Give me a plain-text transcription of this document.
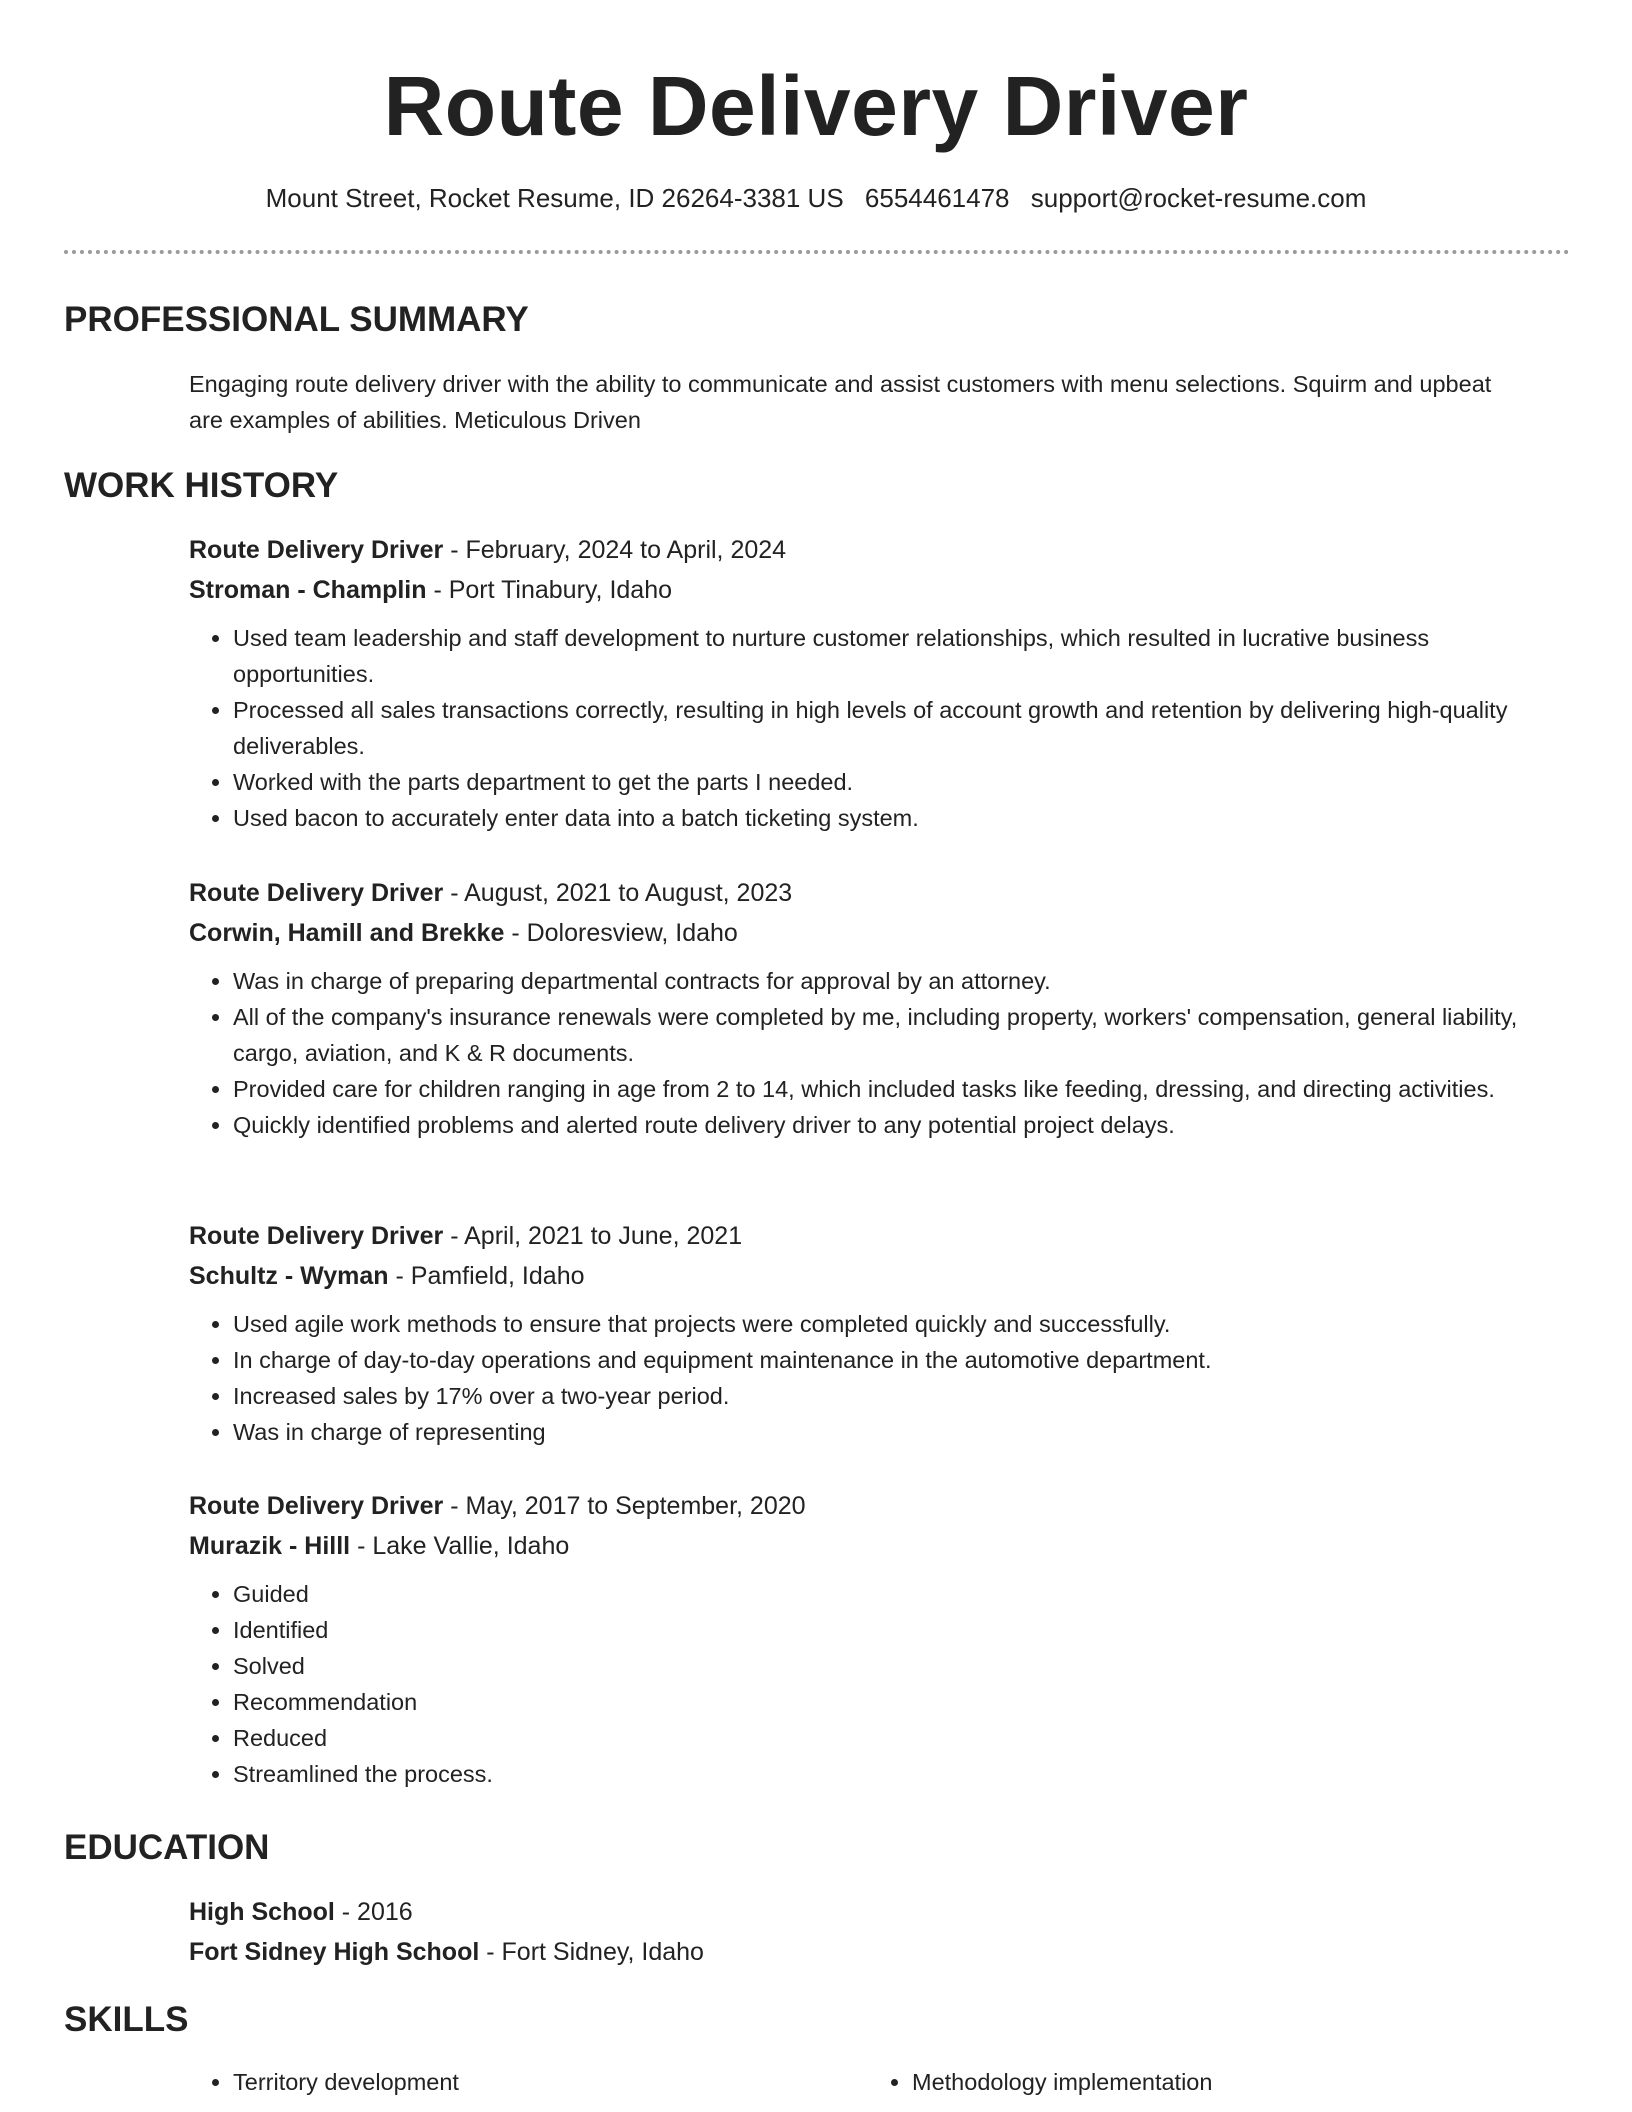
Route Delivery Driver
Mount Street, Rocket Resume, ID 26264-3381 US 6554461478 support@rocket-resume.com
PROFESSIONAL SUMMARY

Engaging route delivery driver with the ability to communicate and assist customers with menu selections. Squirm and upbeat are examples of abilities. Meticulous Driven

WORK HISTORY

Route Delivery Driver - February, 2024 to April, 2024

Stroman - Champlin - Port Tinabury, Idaho

• Used team leadership and staff development to nurture customer relationships, which resulted in lucrative business opportunities.
• Processed all sales transactions correctly, resulting in high levels of account growth and retention by delivering high-quality deliverables.
• Worked with the parts department to get the parts I needed.
• Used bacon to accurately enter data into a batch ticketing system.

Route Delivery Driver - August, 2021 to August, 2023

Corwin, Hamill and Brekke - Doloresview, Idaho

• Was in charge of preparing departmental contracts for approval by an attorney.
• All of the company's insurance renewals were completed by me, including property, workers' compensation, general liability, cargo, aviation, and K & R documents.
• Provided care for children ranging in age from 2 to 14, which included tasks like feeding, dressing, and directing activities.
• Quickly identified problems and alerted route delivery driver to any potential project delays.

Route Delivery Driver - April, 2021 to June, 2021

Schultz - Wyman - Pamfield, Idaho

• Used agile work methods to ensure that projects were completed quickly and successfully.
• In charge of day-to-day operations and equipment maintenance in the automotive department.
• Increased sales by 17% over a two-year period.
• Was in charge of representing

Route Delivery Driver - May, 2017 to September, 2020

Murazik - Hilll - Lake Vallie, Idaho

• Guided
• Identified
• Solved
• Recommendation
• Reduced
• Streamlined the process.
EDUCATION

High School - 2016

Fort Sidney High School - Fort Sidney, Idaho

SKILLS
• Territory development
•	Methodology implementation
